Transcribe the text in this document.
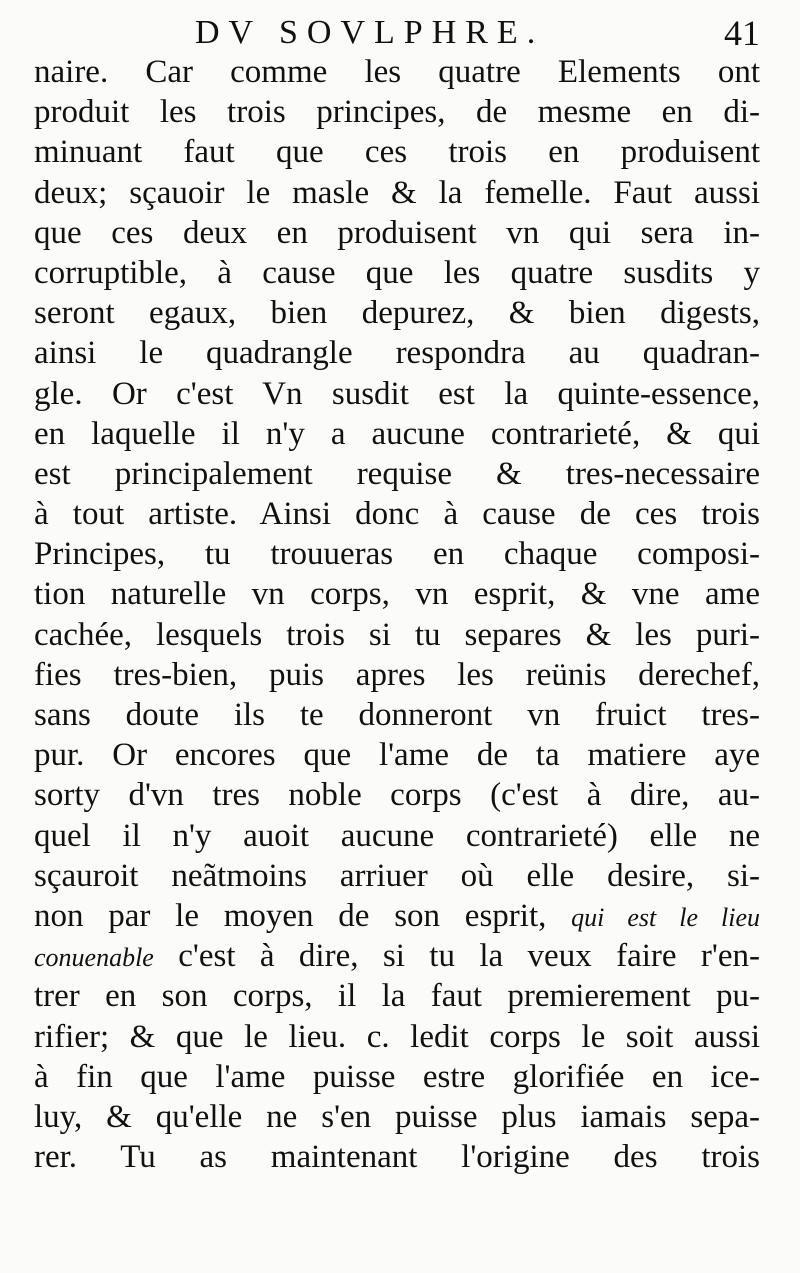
DV SOVLPHRE.	41
naire. Car comme les quatre Elements ont
produit les trois principes, de mesme en di-
minuant faut que ces trois en produisent
deux; sçauoir le masle & la femelle. Faut aussi
que ces deux en produisent vn qui sera in-
corruptible, à cause que les quatre susdits y
seront egaux, bien depurez, & bien digests,
ainsi le quadrangle respondra au quadran-
gle. Or c'est Vn susdit est la quinte-essence,
en laquelle il n'y a aucune contrarieté, & qui
est principalement requise & tres-necessaire
à tout artiste. Ainsi donc à cause de ces trois
Principes, tu trouueras en chaque composi-
tion naturelle vn corps, vn esprit, & vne ame
cachée, lesquels trois si tu separes & les puri-
fies tres-bien, puis apres les reünis derechef,
sans doute ils te donneront vn fruict tres-
pur. Or encores que l'ame de ta matiere aye
sorty d'vn tres noble corps (c'est à dire, au-
quel il n'y auoit aucune contrarieté) elle ne
sçauroit neãtmoins arriuer où elle desire, si-
non par le moyen de son esprit, qui est le lieu
conuenable c'est à dire, si tu la veux faire r'en-
trer en son corps, il la faut premierement pu-
rifier; & que le lieu. c. ledit corps le soit aussi
à fin que l'ame puisse estre glorifiée en ice-
luy, & qu'elle ne s'en puisse plus iamais sepa-
rer. Tu as maintenant l'origine des trois
